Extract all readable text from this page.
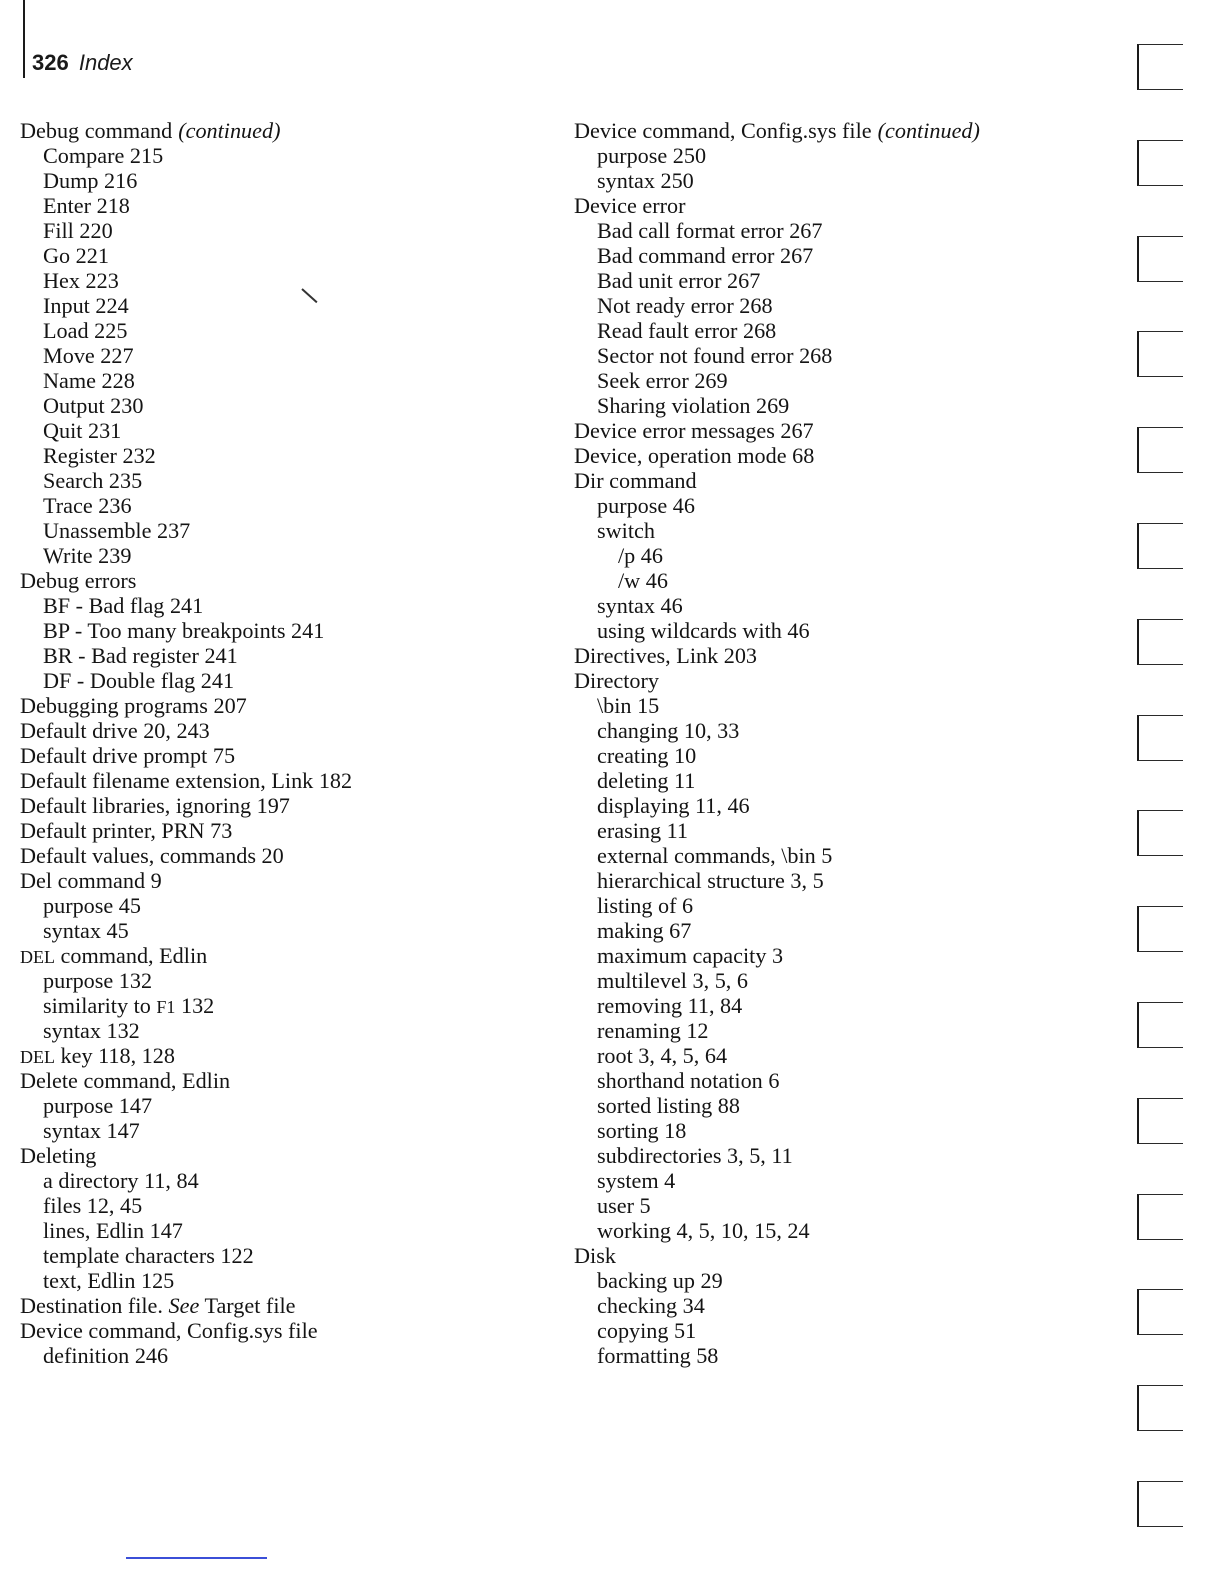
326 Index
Debug command (continued)
Compare 215
Dump 216
Enter 218
Fill 220
Go 221
Hex 223
Input 224
Load 225
Move 227
Name 228
Output 230
Quit 231
Register 232
Search 235
Trace 236
Unassemble 237
Write 239
Debug errors
BF - Bad flag 241
BP - Too many breakpoints 241
BR - Bad register 241
DF - Double flag 241
Debugging programs 207
Default drive 20, 243
Default drive prompt 75
Default filename extension, Link 182
Default libraries, ignoring 197
Default printer, PRN 73
Default values, commands 20
Del command 9
purpose 45
syntax 45
DEL command, Edlin
purpose 132
similarity to F1 132
syntax 132
DEL key 118, 128
Delete command, Edlin
purpose 147
syntax 147
Deleting
a directory 11, 84
files 12, 45
lines, Edlin 147
template characters 122
text, Edlin 125
Destination file. See Target file
Device command, Config.sys file
definition 246
Device command, Config.sys file (continued)
purpose 250
syntax 250
Device error
Bad call format error 267
Bad command error 267
Bad unit error 267
Not ready error 268
Read fault error 268
Sector not found error 268
Seek error 269
Sharing violation 269
Device error messages 267
Device, operation mode 68
Dir command
purpose 46
switch
/p 46
/w 46
syntax 46
using wildcards with 46
Directives, Link 203
Directory
\bin 15
changing 10, 33
creating 10
deleting 11
displaying 11, 46
erasing 11
external commands, \bin 5
hierarchical structure 3, 5
listing of 6
making 67
maximum capacity 3
multilevel 3, 5, 6
removing 11, 84
renaming 12
root 3, 4, 5, 64
shorthand notation 6
sorted listing 88
sorting 18
subdirectories 3, 5, 11
system 4
user 5
working 4, 5, 10, 15, 24
Disk
backing up 29
checking 34
copying 51
formatting 58
